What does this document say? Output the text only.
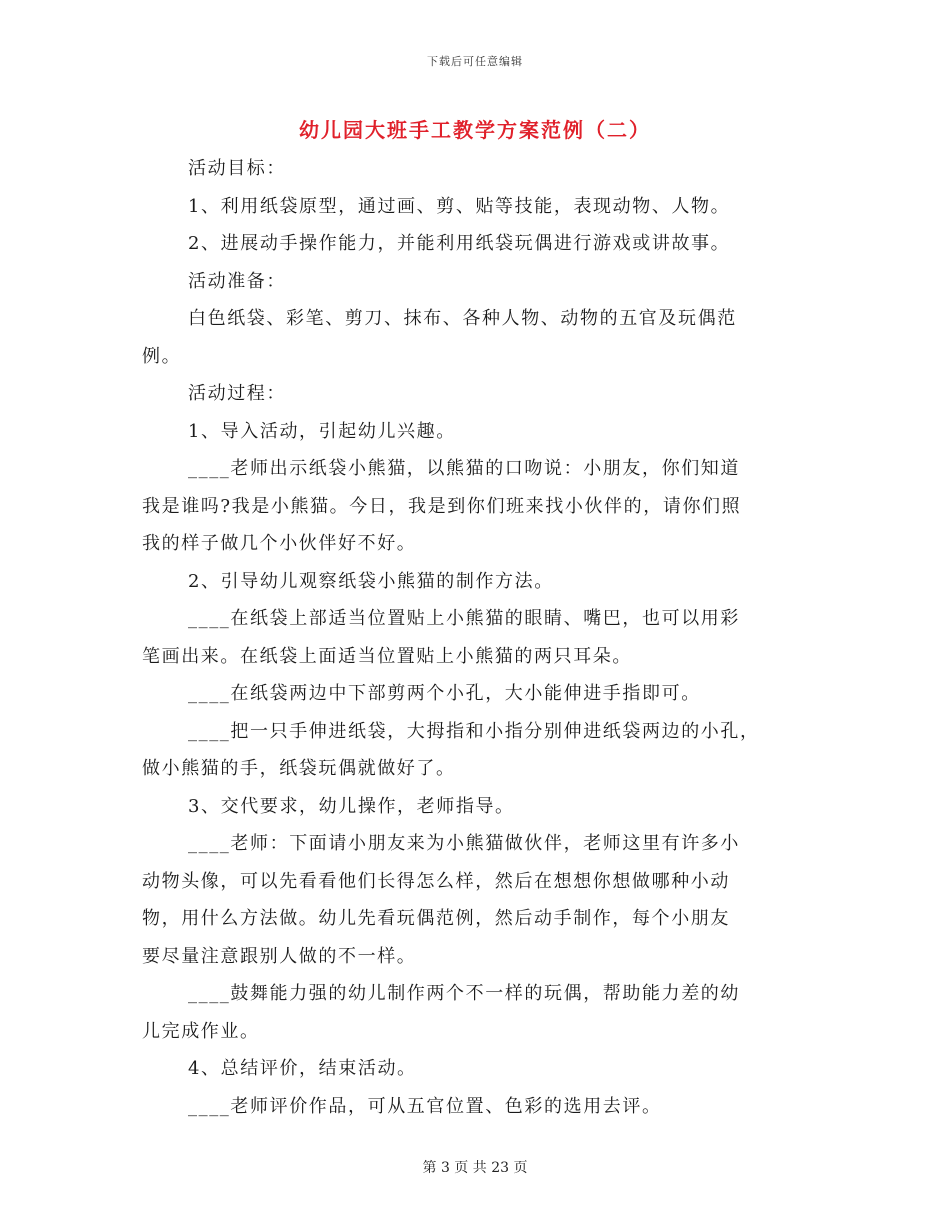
下载后可任意编辑
幼儿园大班手工教学方案范例（二）
活动目标：
1、利用纸袋原型，通过画、剪、贴等技能，表现动物、人物。
2、进展动手操作能力，并能利用纸袋玩偶进行游戏或讲故事。
活动准备：
白色纸袋、彩笔、剪刀、抹布、各种人物、动物的五官及玩偶范
例。
活动过程：
1、导入活动，引起幼儿兴趣。
____老师出示纸袋小熊猫，以熊猫的口吻说：小朋友，你们知道
我是谁吗?我是小熊猫。今日，我是到你们班来找小伙伴的，请你们照
我的样子做几个小伙伴好不好。
2、引导幼儿观察纸袋小熊猫的制作方法。
____在纸袋上部适当位置贴上小熊猫的眼睛、嘴巴，也可以用彩
笔画出来。在纸袋上面适当位置贴上小熊猫的两只耳朵。
____在纸袋两边中下部剪两个小孔，大小能伸进手指即可。
____把一只手伸进纸袋，大拇指和小指分别伸进纸袋两边的小孔，
做小熊猫的手，纸袋玩偶就做好了。
3、交代要求，幼儿操作，老师指导。
____老师：下面请小朋友来为小熊猫做伙伴，老师这里有许多小
动物头像，可以先看看他们长得怎么样，然后在想想你想做哪种小动
物，用什么方法做。幼儿先看玩偶范例，然后动手制作，每个小朋友
要尽量注意跟别人做的不一样。
____鼓舞能力强的幼儿制作两个不一样的玩偶，帮助能力差的幼
儿完成作业。
4、总结评价，结束活动。
____老师评价作品，可从五官位置、色彩的选用去评。
第 3 页 共 23 页
